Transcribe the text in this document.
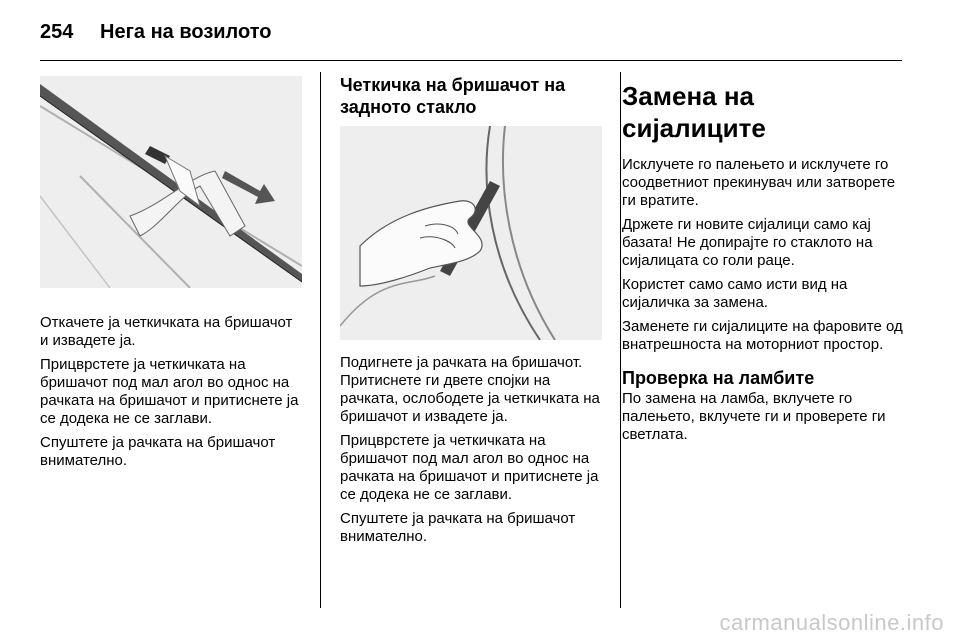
254	Нега на возилото

Откачете ја четкичката на бришачот и извадете ја.

Прицврстете ја четкичката на бришачот под мал агол во однос на рачката на бришачот и притиснете ја се додека не се заглави.

Спуштете ја рачката на бришачот внимателно.

Четкичка на бришачот на задното стакло

Подигнете ја рачката на бришачот. Притиснете ги двете спојки на рачката, ослободете ја четкичката на бришачот и извадете ја.

Прицврстете ја четкичката на бришачот под мал агол во однос на рачката на бришачот и притиснете ја се додека не се заглави.

Спуштете ја рачката на бришачот внимателно.

Замена на сијалиците

Исклучете го палењето и исклучете го соодветниот прекинувач или затворете ги вратите.

Држете ги новите сијалици само кај базата! Не допирајте го стаклото на сијалицата со голи раце.

Користет само само исти вид на сијаличка за замена.

Заменете ги сијалиците на фаровите од внатрешноста на моторниот простор.

Проверка на ламбите

По замена на ламба, вклучете го палењето, вклучете ги и проверете ги светлата.

carmanualsonline.info
